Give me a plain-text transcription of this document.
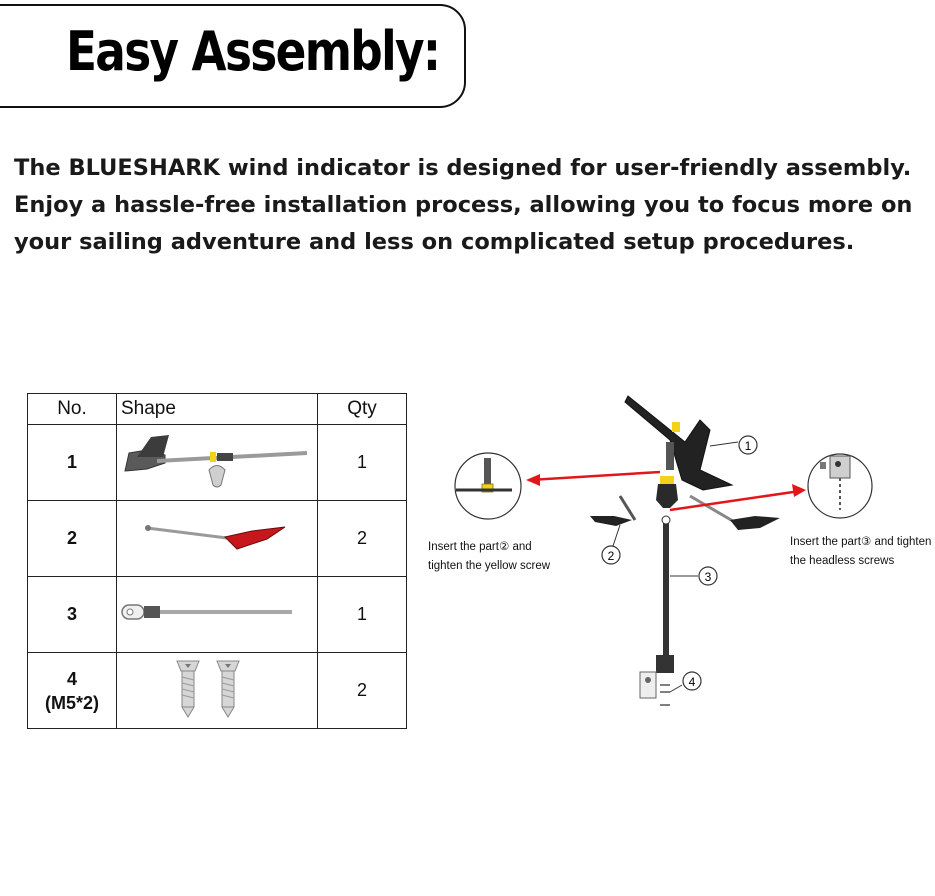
Easy Assembly:

The BLUESHARK wind indicator is designed for user-friendly assembly.
Enjoy a hassle-free installation process, allowing you to focus more on
your sailing adventure and less on complicated setup procedures.

No.	Shape	Qty
1		1
2		2
3		1

4
(M5*2)		2
1
2
3
4
Insert the part② and
tighten the yellow screw
Insert the part③ and tighten
the headless screws
